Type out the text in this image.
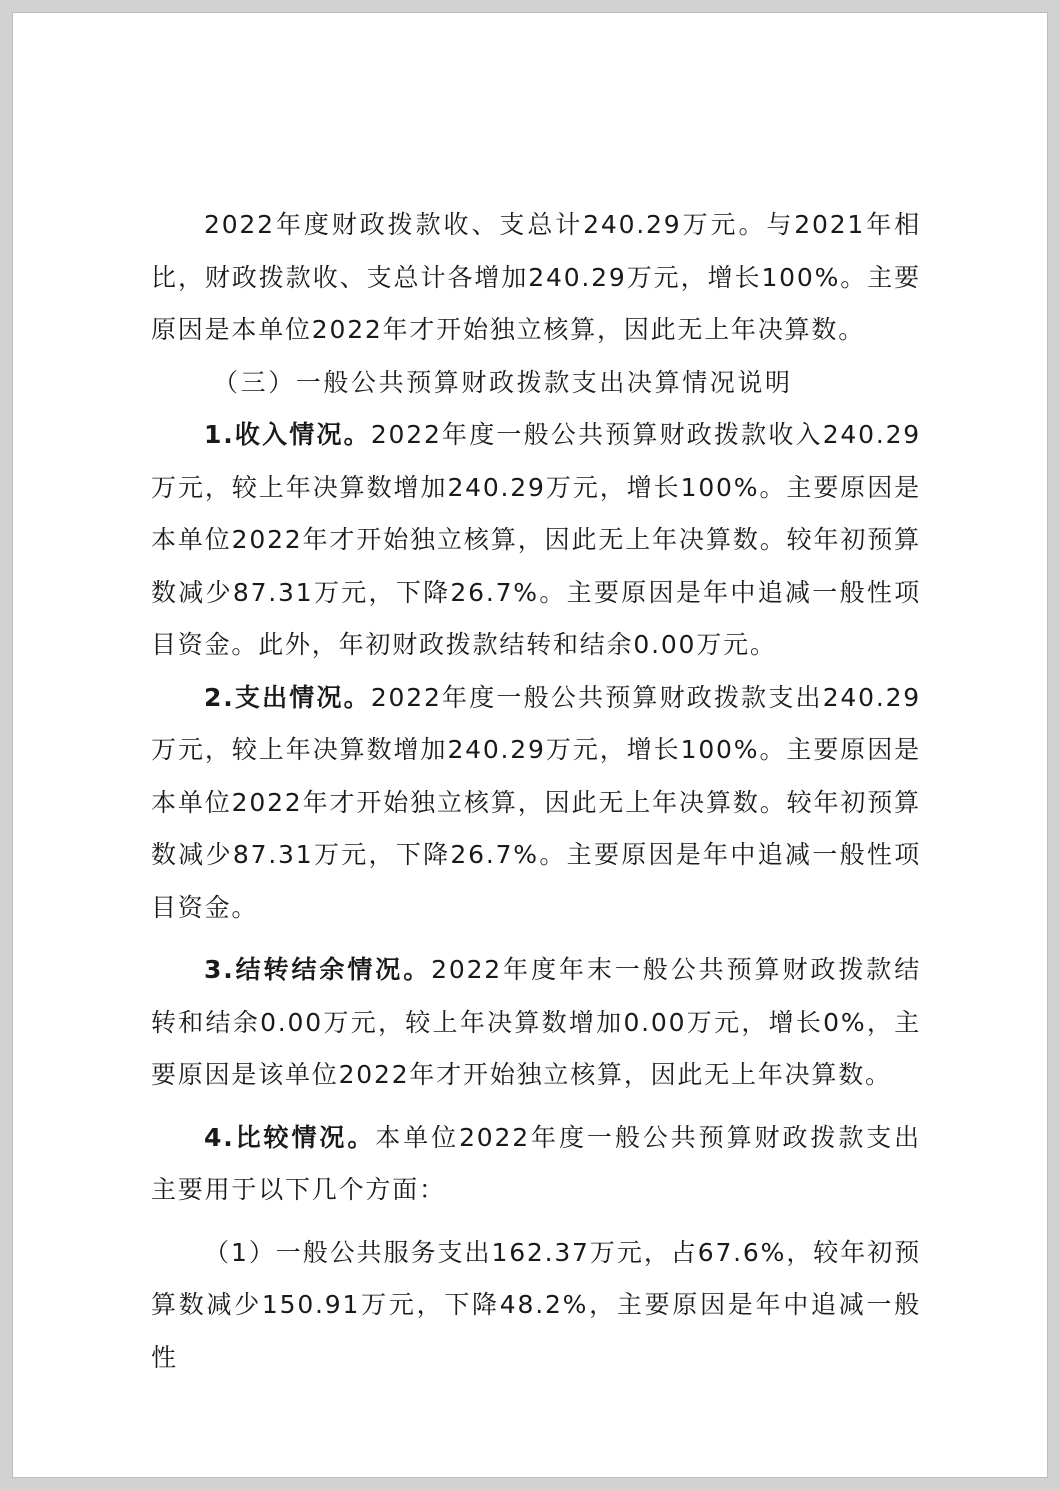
2022年度财政拨款收、支总计240.29万元。与2021年相比，财政拨款收、支总计各增加240.29万元，增长100%。主要原因是本单位2022年才开始独立核算，因此无上年决算数。

（三）一般公共预算财政拨款支出决算情况说明

1.收入情况。2022年度一般公共预算财政拨款收入240.29万元，较上年决算数增加240.29万元，增长100%。主要原因是本单位2022年才开始独立核算，因此无上年决算数。较年初预算数减少87.31万元，下降26.7%。主要原因是年中追减一般性项目资金。此外，年初财政拨款结转和结余0.00万元。

2.支出情况。2022年度一般公共预算财政拨款支出240.29万元，较上年决算数增加240.29万元，增长100%。主要原因是本单位2022年才开始独立核算，因此无上年决算数。较年初预算数减少87.31万元，下降26.7%。主要原因是年中追减一般性项目资金。

3.结转结余情况。2022年度年末一般公共预算财政拨款结转和结余0.00万元，较上年决算数增加0.00万元，增长0%，主要原因是该单位2022年才开始独立核算，因此无上年决算数。

4.比较情况。本单位2022年度一般公共预算财政拨款支出主要用于以下几个方面：

（1）一般公共服务支出162.37万元，占67.6%，较年初预算数减少150.91万元，下降48.2%，主要原因是年中追减一般性
